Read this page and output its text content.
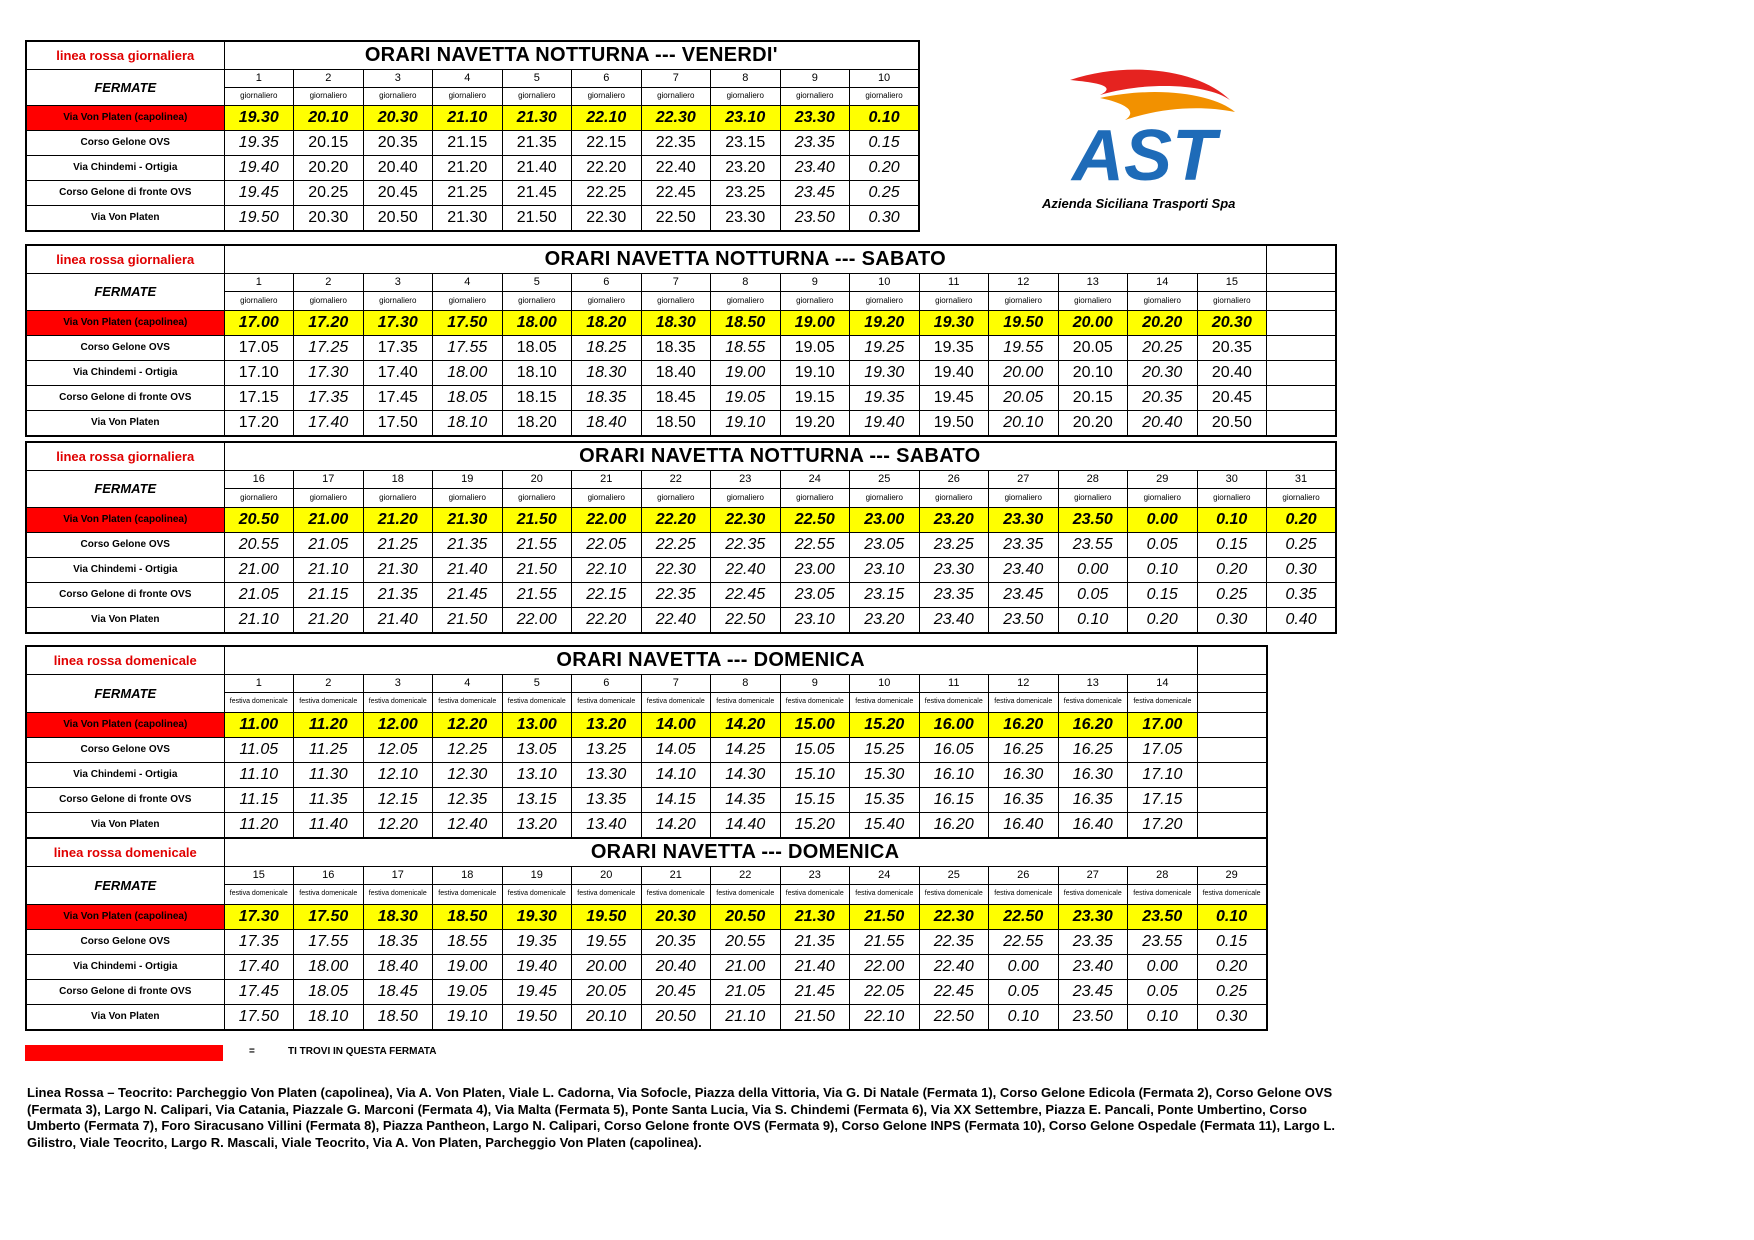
AST
Azienda Siciliana Trasporti Spa
linea rossa giornaliera	ORARI NAVETTA NOTTURNA --- VENERDI'									
FERMATE	1	2	3	4	5	6	7	8	9	10
	giornaliero	giornaliero	giornaliero	giornaliero	giornaliero	giornaliero	giornaliero	giornaliero	giornaliero	giornaliero
Via Von Platen (capolinea)	19.30	20.10	20.30	21.10	21.30	22.10	22.30	23.10	23.30	0.10
Corso Gelone OVS	19.35	20.15	20.35	21.15	21.35	22.15	22.35	23.15	23.35	0.15
Via Chindemi - Ortigia	19.40	20.20	20.40	21.20	21.40	22.20	22.40	23.20	23.40	0.20
Corso Gelone di fronte OVS	19.45	20.25	20.45	21.25	21.45	22.25	22.45	23.25	23.45	0.25
Via Von Platen	19.50	20.30	20.50	21.30	21.50	22.30	22.50	23.30	23.50	0.30
linea rossa giornaliera	ORARI NAVETTA NOTTURNA --- SABATO															
FERMATE	1	2	3	4	5	6	7	8	9	10	11	12	13	14	15	
	giornaliero	giornaliero	giornaliero	giornaliero	giornaliero	giornaliero	giornaliero	giornaliero	giornaliero	giornaliero	giornaliero	giornaliero	giornaliero	giornaliero	giornaliero	
Via Von Platen (capolinea)	17.00	17.20	17.30	17.50	18.00	18.20	18.30	18.50	19.00	19.20	19.30	19.50	20.00	20.20	20.30	
Corso Gelone OVS	17.05	17.25	17.35	17.55	18.05	18.25	18.35	18.55	19.05	19.25	19.35	19.55	20.05	20.25	20.35	
Via Chindemi - Ortigia	17.10	17.30	17.40	18.00	18.10	18.30	18.40	19.00	19.10	19.30	19.40	20.00	20.10	20.30	20.40	
Corso Gelone di fronte OVS	17.15	17.35	17.45	18.05	18.15	18.35	18.45	19.05	19.15	19.35	19.45	20.05	20.15	20.35	20.45	
Via Von Platen	17.20	17.40	17.50	18.10	18.20	18.40	18.50	19.10	19.20	19.40	19.50	20.10	20.20	20.40	20.50	
linea rossa giornaliera	ORARI NAVETTA NOTTURNA --- SABATO															
FERMATE	16	17	18	19	20	21	22	23	24	25	26	27	28	29	30	31
	giornaliero	giornaliero	giornaliero	giornaliero	giornaliero	giornaliero	giornaliero	giornaliero	giornaliero	giornaliero	giornaliero	giornaliero	giornaliero	giornaliero	giornaliero	giornaliero
Via Von Platen (capolinea)	20.50	21.00	21.20	21.30	21.50	22.00	22.20	22.30	22.50	23.00	23.20	23.30	23.50	0.00	0.10	0.20
Corso Gelone OVS	20.55	21.05	21.25	21.35	21.55	22.05	22.25	22.35	22.55	23.05	23.25	23.35	23.55	0.05	0.15	0.25
Via Chindemi - Ortigia	21.00	21.10	21.30	21.40	21.50	22.10	22.30	22.40	23.00	23.10	23.30	23.40	0.00	0.10	0.20	0.30
Corso Gelone di fronte OVS	21.05	21.15	21.35	21.45	21.55	22.15	22.35	22.45	23.05	23.15	23.35	23.45	0.05	0.15	0.25	0.35
Via Von Platen	21.10	21.20	21.40	21.50	22.00	22.20	22.40	22.50	23.10	23.20	23.40	23.50	0.10	0.20	0.30	0.40
linea rossa domenicale	ORARI NAVETTA --- DOMENICA														
FERMATE	1	2	3	4	5	6	7	8	9	10	11	12	13	14	
	festiva domenicale	festiva domenicale	festiva domenicale	festiva domenicale	festiva domenicale	festiva domenicale	festiva domenicale	festiva domenicale	festiva domenicale	festiva domenicale	festiva domenicale	festiva domenicale	festiva domenicale	festiva domenicale	
Via Von Platen (capolinea)	11.00	11.20	12.00	12.20	13.00	13.20	14.00	14.20	15.00	15.20	16.00	16.20	16.20	17.00	
Corso Gelone OVS	11.05	11.25	12.05	12.25	13.05	13.25	14.05	14.25	15.05	15.25	16.05	16.25	16.25	17.05	
Via Chindemi - Ortigia	11.10	11.30	12.10	12.30	13.10	13.30	14.10	14.30	15.10	15.30	16.10	16.30	16.30	17.10	
Corso Gelone di fronte OVS	11.15	11.35	12.15	12.35	13.15	13.35	14.15	14.35	15.15	15.35	16.15	16.35	16.35	17.15	
Via Von Platen	11.20	11.40	12.20	12.40	13.20	13.40	14.20	14.40	15.20	15.40	16.20	16.40	16.40	17.20	
linea rossa domenicale	ORARI NAVETTA --- DOMENICA														
FERMATE	15	16	17	18	19	20	21	22	23	24	25	26	27	28	29
	festiva domenicale	festiva domenicale	festiva domenicale	festiva domenicale	festiva domenicale	festiva domenicale	festiva domenicale	festiva domenicale	festiva domenicale	festiva domenicale	festiva domenicale	festiva domenicale	festiva domenicale	festiva domenicale	festiva domenicale
Via Von Platen (capolinea)	17.30	17.50	18.30	18.50	19.30	19.50	20.30	20.50	21.30	21.50	22.30	22.50	23.30	23.50	0.10
Corso Gelone OVS	17.35	17.55	18.35	18.55	19.35	19.55	20.35	20.55	21.35	21.55	22.35	22.55	23.35	23.55	0.15
Via Chindemi - Ortigia	17.40	18.00	18.40	19.00	19.40	20.00	20.40	21.00	21.40	22.00	22.40	0.00	23.40	0.00	0.20
Corso Gelone di fronte OVS	17.45	18.05	18.45	19.05	19.45	20.05	20.45	21.05	21.45	22.05	22.45	0.05	23.45	0.05	0.25
Via Von Platen	17.50	18.10	18.50	19.10	19.50	20.10	20.50	21.10	21.50	22.10	22.50	0.10	23.50	0.10	0.30
=	TI TROVI IN QUESTA FERMATA
Linea Rossa – Teocrito: Parcheggio Von Platen (capolinea), Via A. Von Platen, Viale L. Cadorna, Via Sofocle, Piazza della Vittoria, Via G. Di Natale (Fermata 1), Corso Gelone Edicola (Fermata 2), Corso Gelone OVS (Fermata 3), Largo N. Calipari, Via Catania, Piazzale G. Marconi (Fermata 4), Via Malta (Fermata 5), Ponte Santa Lucia, Via S. Chindemi (Fermata 6), Via XX Settembre, Piazza E. Pancali, Ponte Umbertino, Corso Umberto (Fermata 7), Foro Siracusano Villini (Fermata 8), Piazza Pantheon, Largo N. Calipari, Corso Gelone fronte OVS (Fermata 9), Corso Gelone INPS (Fermata 10), Corso Gelone Ospedale (Fermata 11), Largo L. Gilistro, Viale Teocrito, Largo R. Mascali, Viale Teocrito, Via A. Von Platen, Parcheggio Von Platen (capolinea).
